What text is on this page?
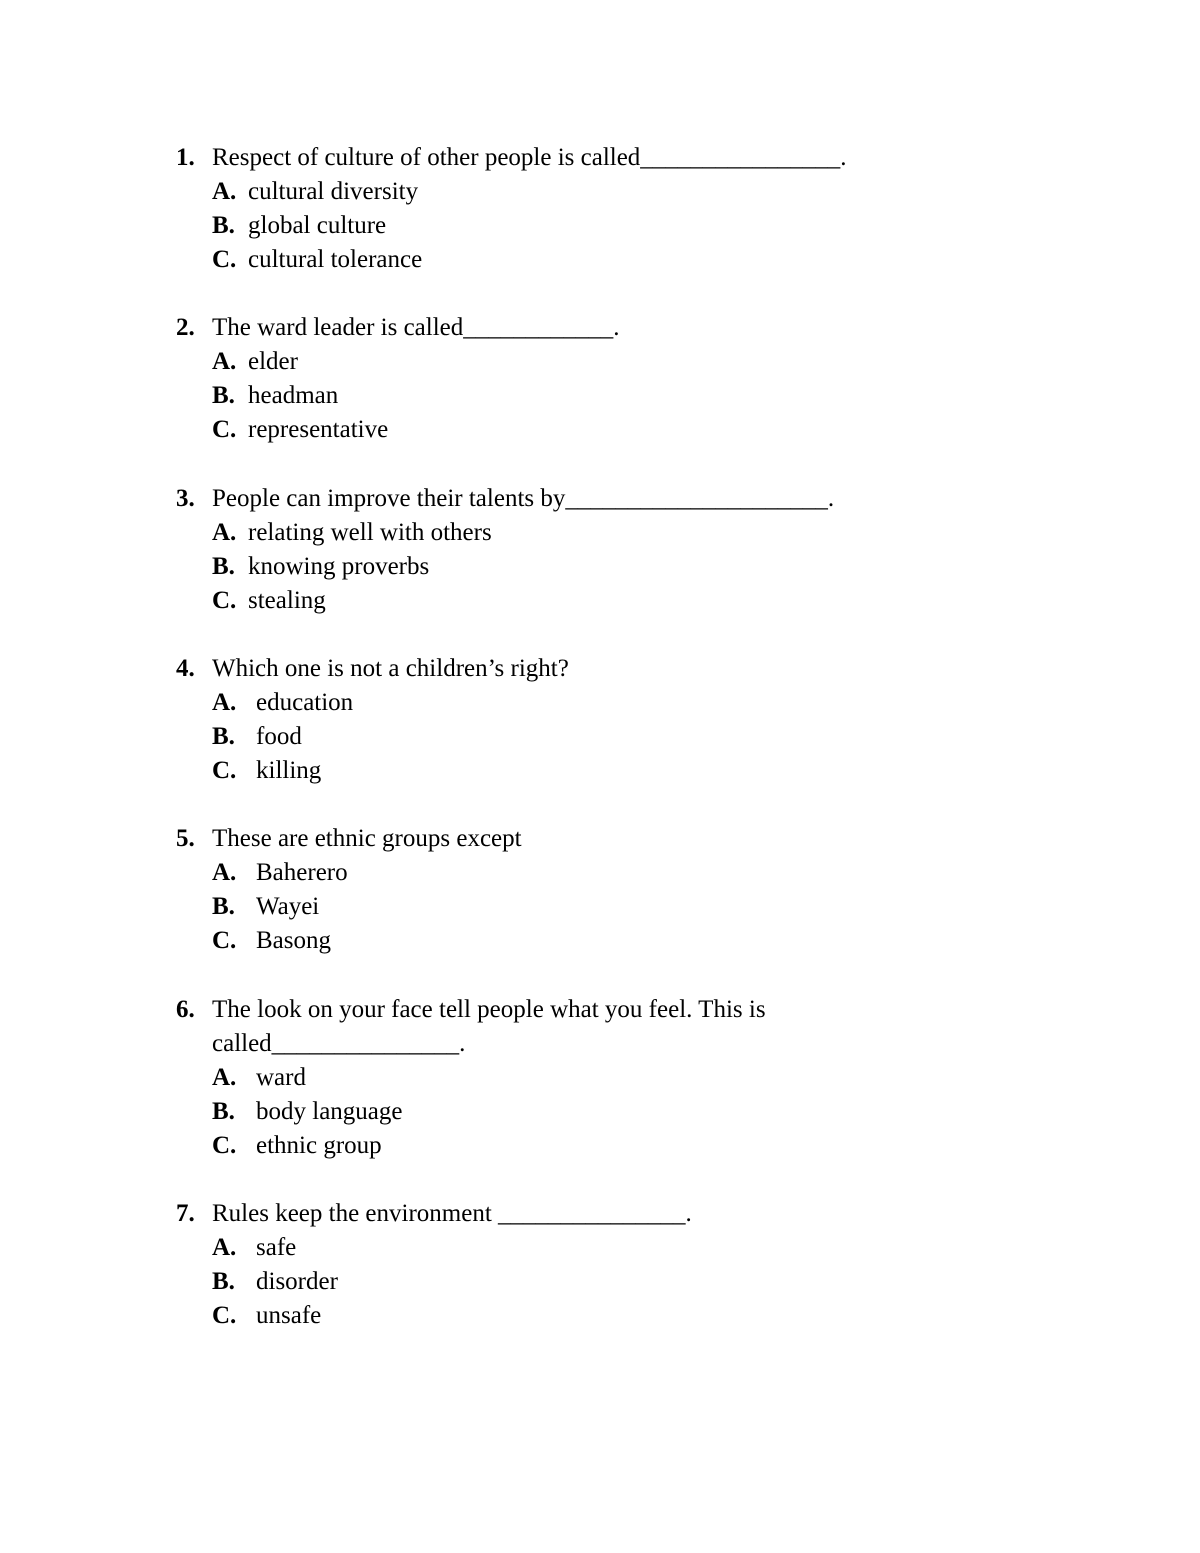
1. Respect of culture of other people is called________________.
A. cultural diversity
B. global culture
C. cultural tolerance
2. The ward leader is called____________.
A. elder
B. headman
C. representative
3. People can improve their talents by_____________________.
A. relating well with others
B. knowing proverbs
C. stealing
4. Which one is not a children’s right?
A. education
B. food
C. killing
5. These are ethnic groups except
A. Baherero
B. Wayei
C. Basong
6. The look on your face tell people what you feel. This is
called_______________.
A. ward
B. body language
C. ethnic group
7. Rules keep the environment _______________.
A. safe
B. disorder
C. unsafe
